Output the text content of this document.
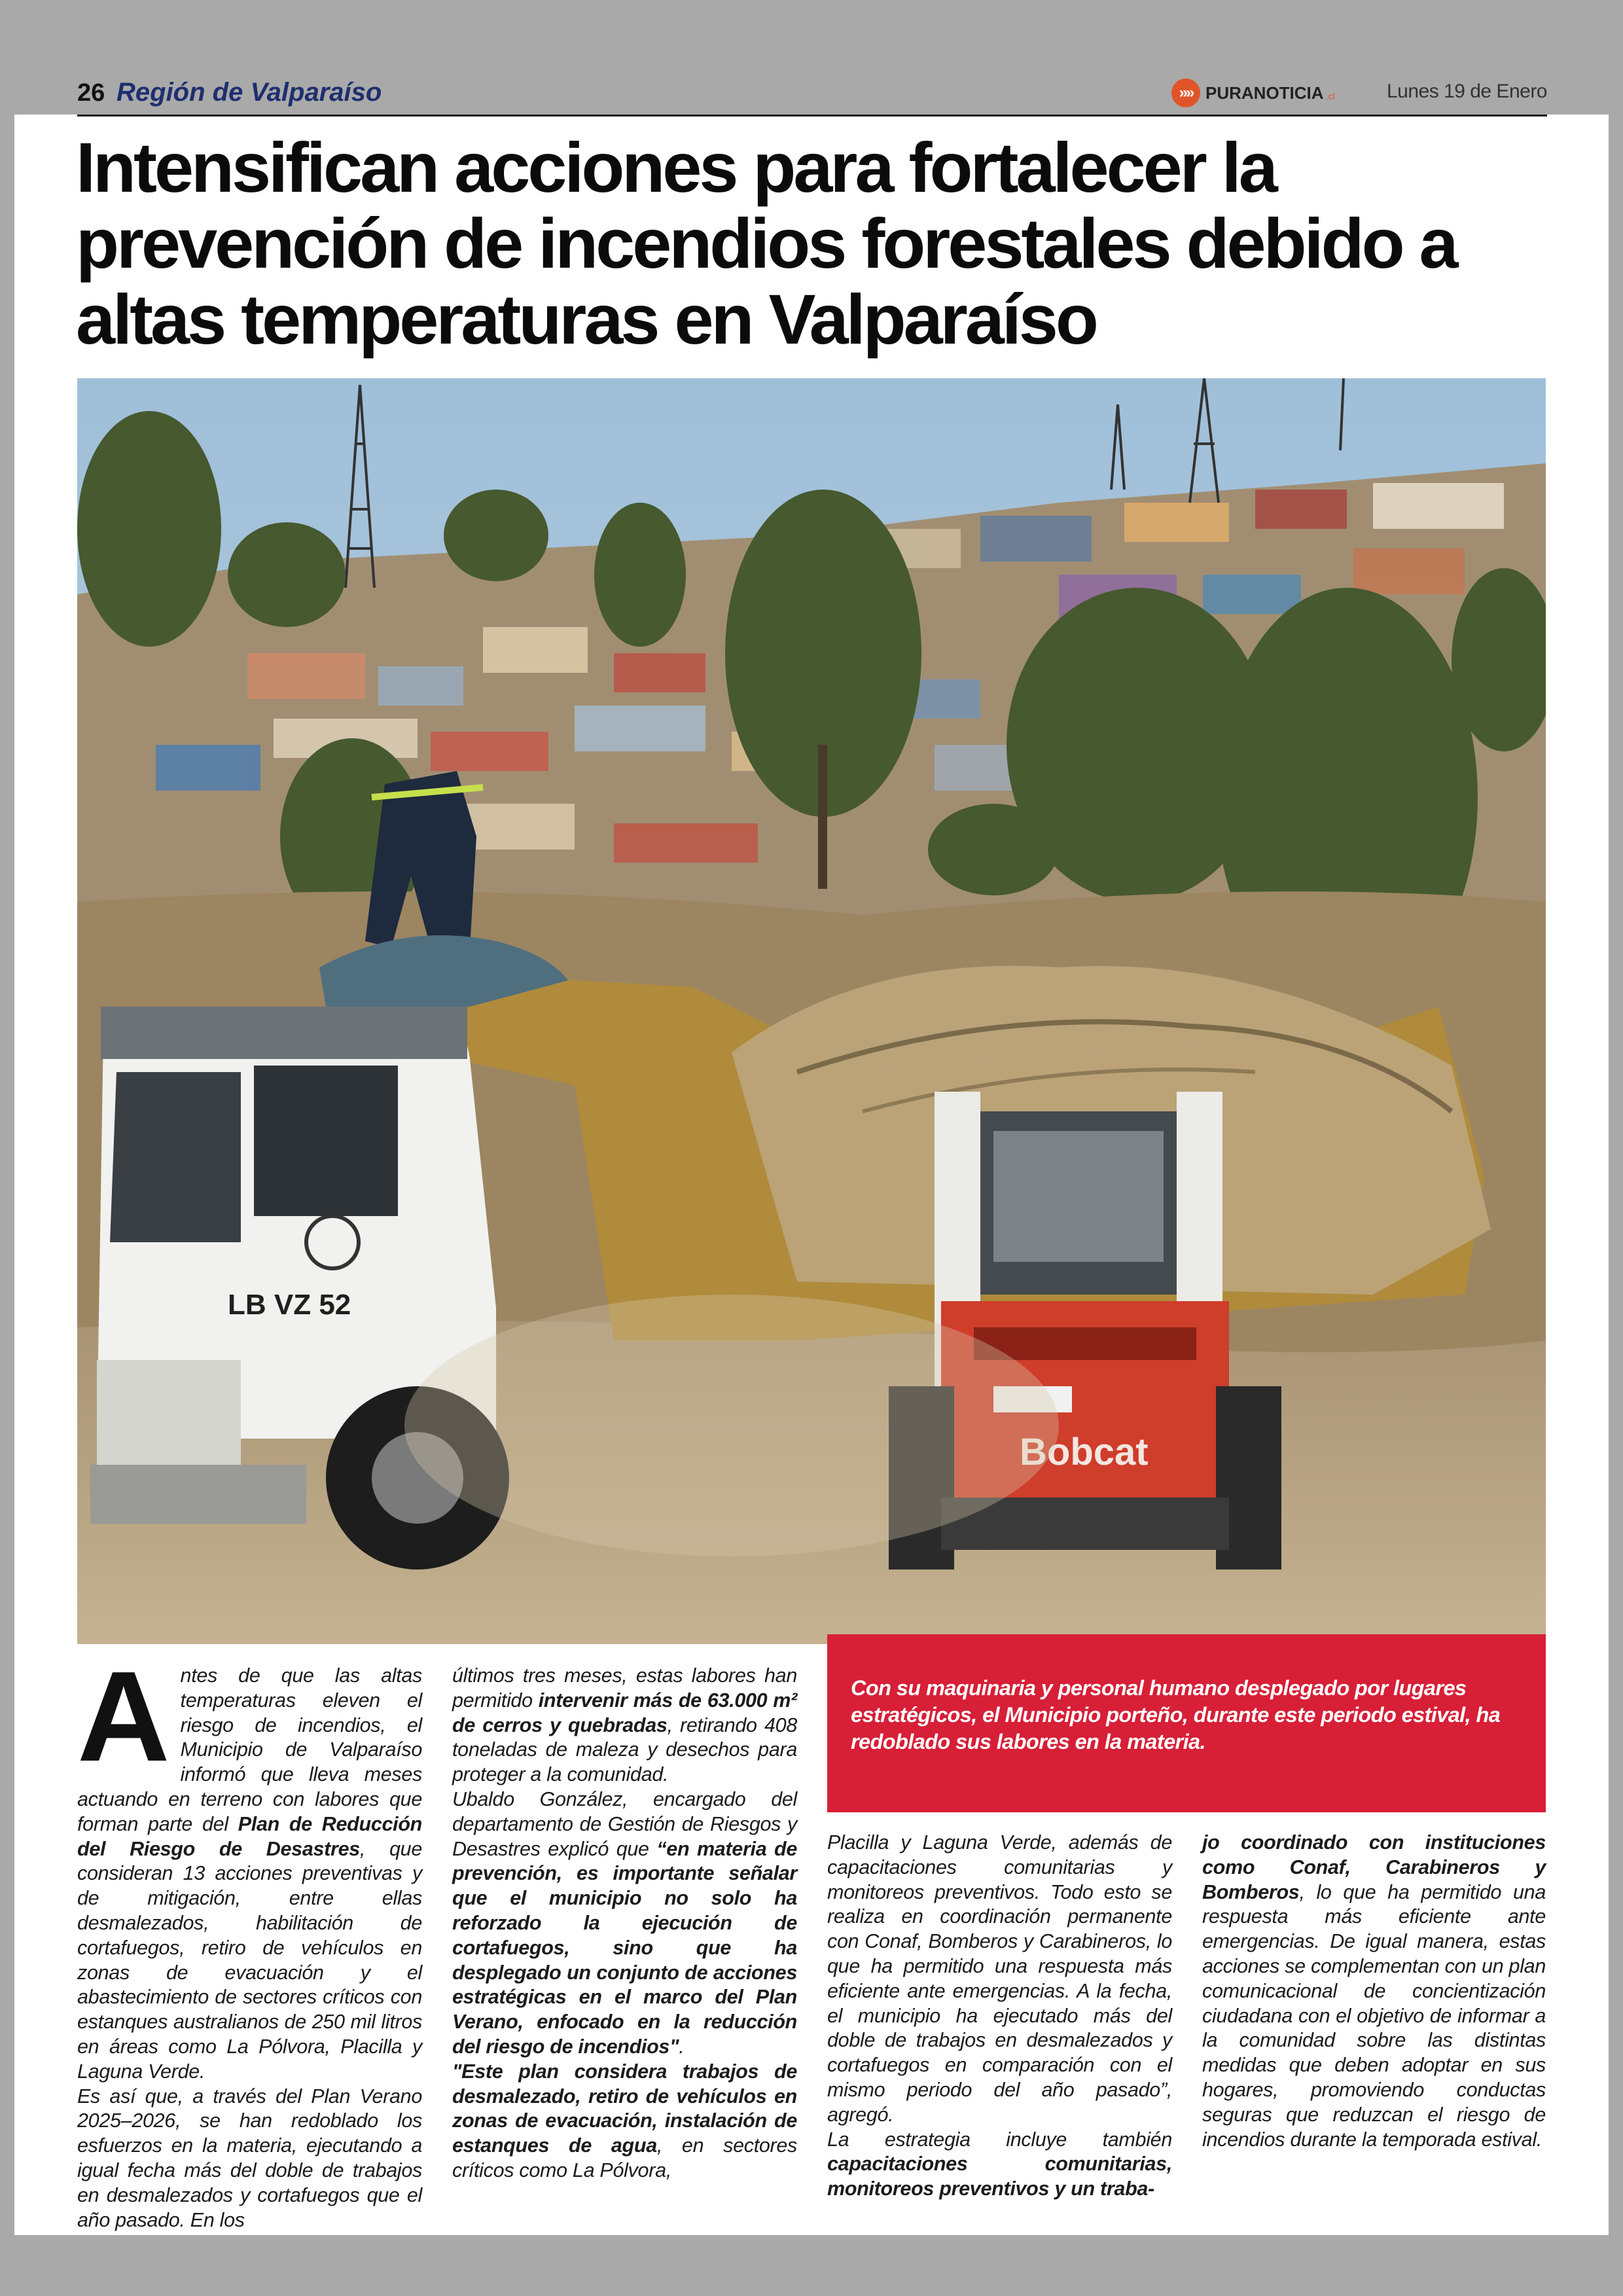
26 Región de Valparaíso	»» PURANOTICIA .cl	Lunes 19 de Enero
Intensifican acciones para fortalecer la prevención de incendios forestales debido a altas temperaturas en Valparaíso
LB VZ 52
Bobcat

Con su maquinaria y personal humano desplegado por lugares estratégicos, el Municipio porteño, durante este periodo estival, ha redoblado sus labores en la materia.

A ntes de que las altas temperaturas eleven el riesgo de incendios, el Municipio de Valparaíso informó que lleva meses actuando en terreno con labores que forman parte del Plan de Reducción del Riesgo de Desastres, que consideran 13 acciones preventivas y de mitigación, entre ellas desmalezados, habilitación de cortafuegos, retiro de vehículos en zonas de evacuación y el abastecimiento de sectores críticos con estanques australianos de 250 mil litros en áreas como La Pólvora, Placilla y Laguna Verde.

Es así que, a través del Plan Verano 2025–2026, se han redoblado los esfuerzos en la materia, ejecutando a igual fecha más del doble de trabajos en desmalezados y cortafuegos que el año pasado. En los

últimos tres meses, estas labores han permitido intervenir más de 63.000 m² de cerros y quebradas, retirando 408 toneladas de maleza y desechos para proteger a la comunidad.

Ubaldo González, encargado del departamento de Gestión de Riesgos y Desastres explicó que “en materia de prevención, es importante señalar que el municipio no solo ha reforzado la ejecución de cortafuegos, sino que ha desplegado un conjunto de acciones estratégicas en el marco del Plan Verano, enfocado en la reducción del riesgo de incendios".

"Este plan considera trabajos de desmalezado, retiro de vehículos en zonas de evacuación, instalación de estanques de agua, en sectores críticos como La Pólvora,

Placilla y Laguna Verde, además de capacitaciones comunitarias y monitoreos preventivos. Todo esto se realiza en coordinación permanente con Conaf, Bomberos y Carabineros, lo que ha permitido una respuesta más eficiente ante emergencias. A la fecha, el municipio ha ejecutado más del doble de trabajos en desmalezados y cortafuegos en comparación con el mismo periodo del año pasado”, agregó.

La estrategia incluye también capacitaciones comunitarias, monitoreos preventivos y un traba-

jo coordinado con instituciones como Conaf, Carabineros y Bomberos, lo que ha permitido una respuesta más eficiente ante emergencias. De igual manera, estas acciones se complementan con un plan comunicacional de concientización ciudadana con el objetivo de informar a la comunidad sobre las distintas medidas que deben adoptar en sus hogares, promoviendo conductas seguras que reduzcan el riesgo de incendios durante la temporada estival.
